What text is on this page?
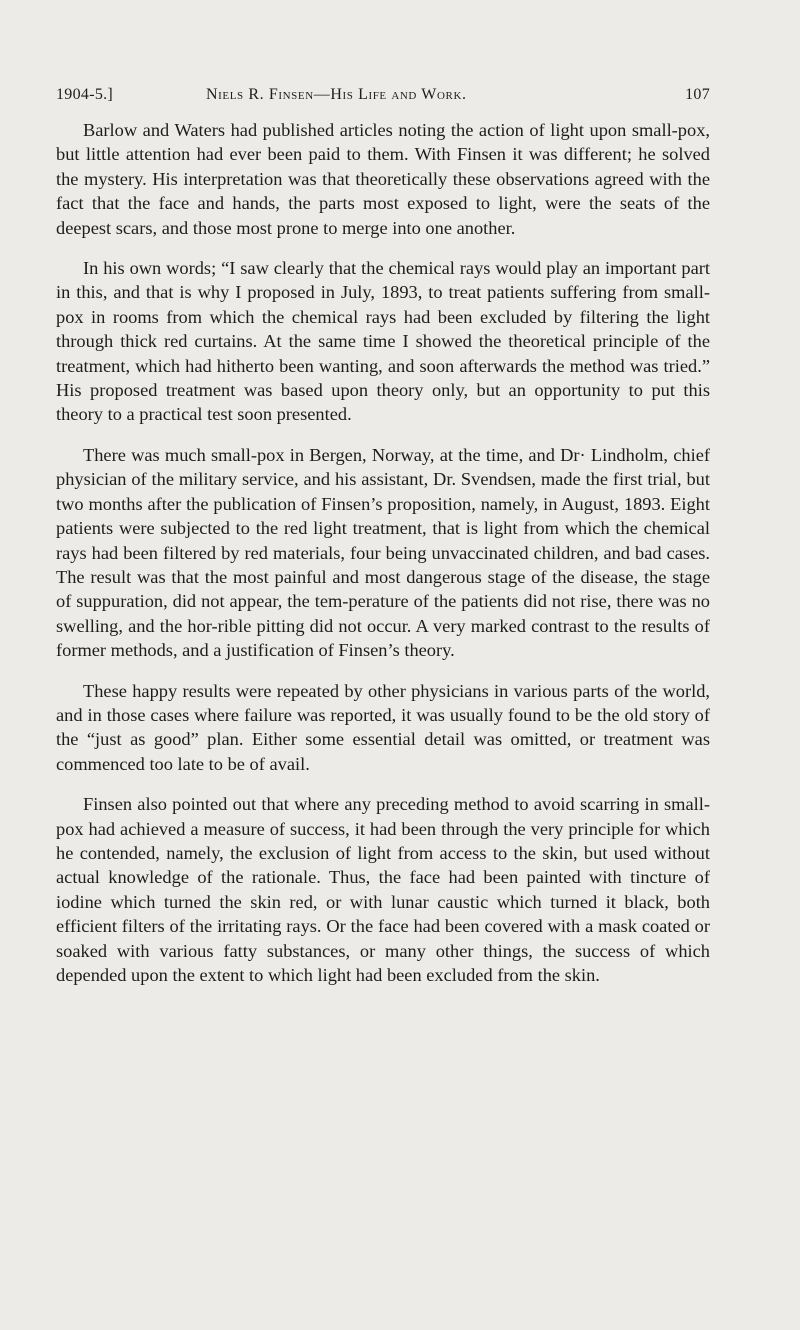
1904-5.]	Niels R. Finsen—His Life and Work.	107

Barlow and Waters had published articles noting the action of light upon small-pox, but little attention had ever been paid to them. With Finsen it was different; he solved the mystery. His interpretation was that theoretically these observations agreed with the fact that the face and hands, the parts most exposed to light, were the seats of the deepest scars, and those most prone to merge into one another.

In his own words; “I saw clearly that the chemical rays would play an important part in this, and that is why I proposed in July, 1893, to treat patients suffering from small-pox in rooms from which the chemical rays had been excluded by filtering the light through thick red curtains. At the same time I showed the theoretical principle of the treatment, which had hitherto been wanting, and soon afterwards the method was tried.” His proposed treatment was based upon theory only, but an opportunity to put this theory to a practical test soon presented.

There was much small-pox in Bergen, Norway, at the time, and Dr· Lindholm, chief physician of the military service, and his assistant, Dr. Svendsen, made the first trial, but two months after the publication of Finsen’s proposition, namely, in August, 1893. Eight patients were subjected to the red light treatment, that is light from which the chemical rays had been filtered by red materials, four being unvaccinated children, and bad cases. The result was that the most painful and most dangerous stage of the disease, the stage of suppuration, did not appear, the tem-perature of the patients did not rise, there was no swelling, and the hor-rible pitting did not occur. A very marked contrast to the results of former methods, and a justification of Finsen’s theory.

These happy results were repeated by other physicians in various parts of the world, and in those cases where failure was reported, it was usually found to be the old story of the “just as good” plan. Either some essential detail was omitted, or treatment was commenced too late to be of avail.

Finsen also pointed out that where any preceding method to avoid scarring in small-pox had achieved a measure of success, it had been through the very principle for which he contended, namely, the exclusion of light from access to the skin, but used without actual knowledge of the rationale. Thus, the face had been painted with tincture of iodine which turned the skin red, or with lunar caustic which turned it black, both efficient filters of the irritating rays. Or the face had been covered with a mask coated or soaked with various fatty substances, or many other things, the success of which depended upon the extent to which light had been excluded from the skin.
